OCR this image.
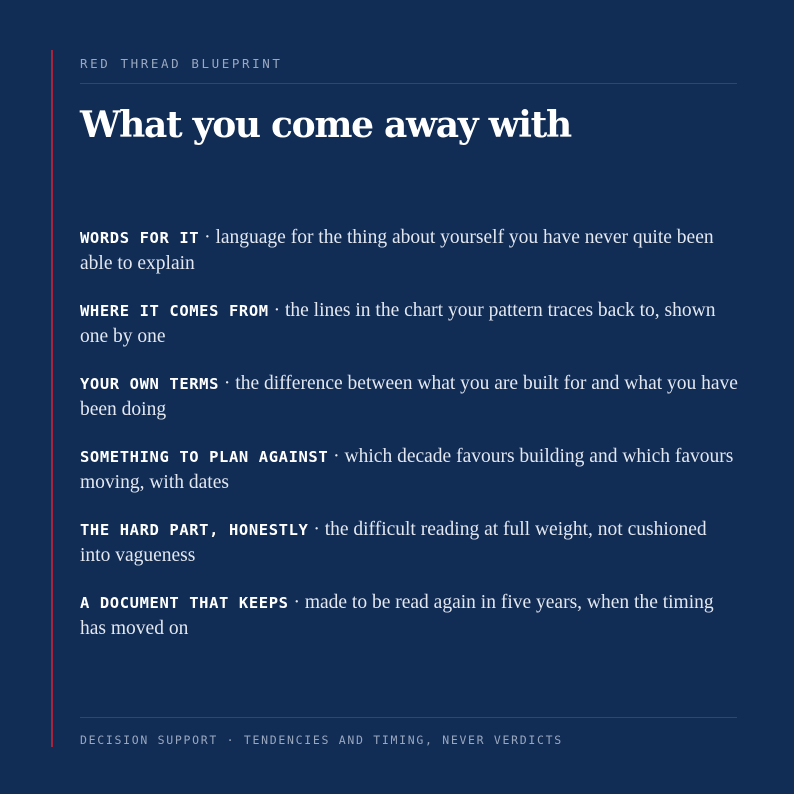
RED THREAD BLUEPRINT
What you come away with
WORDS FOR IT · language for the thing about yourself you have never quite been able to explain
WHERE IT COMES FROM · the lines in the chart your pattern traces back to, shown one by one
YOUR OWN TERMS · the difference between what you are built for and what you have been doing
SOMETHING TO PLAN AGAINST · which decade favours building and which favours moving, with dates
THE HARD PART, HONESTLY · the difficult reading at full weight, not cushioned into vagueness
A DOCUMENT THAT KEEPS · made to be read again in five years, when the timing has moved on
DECISION SUPPORT · TENDENCIES AND TIMING, NEVER VERDICTS
